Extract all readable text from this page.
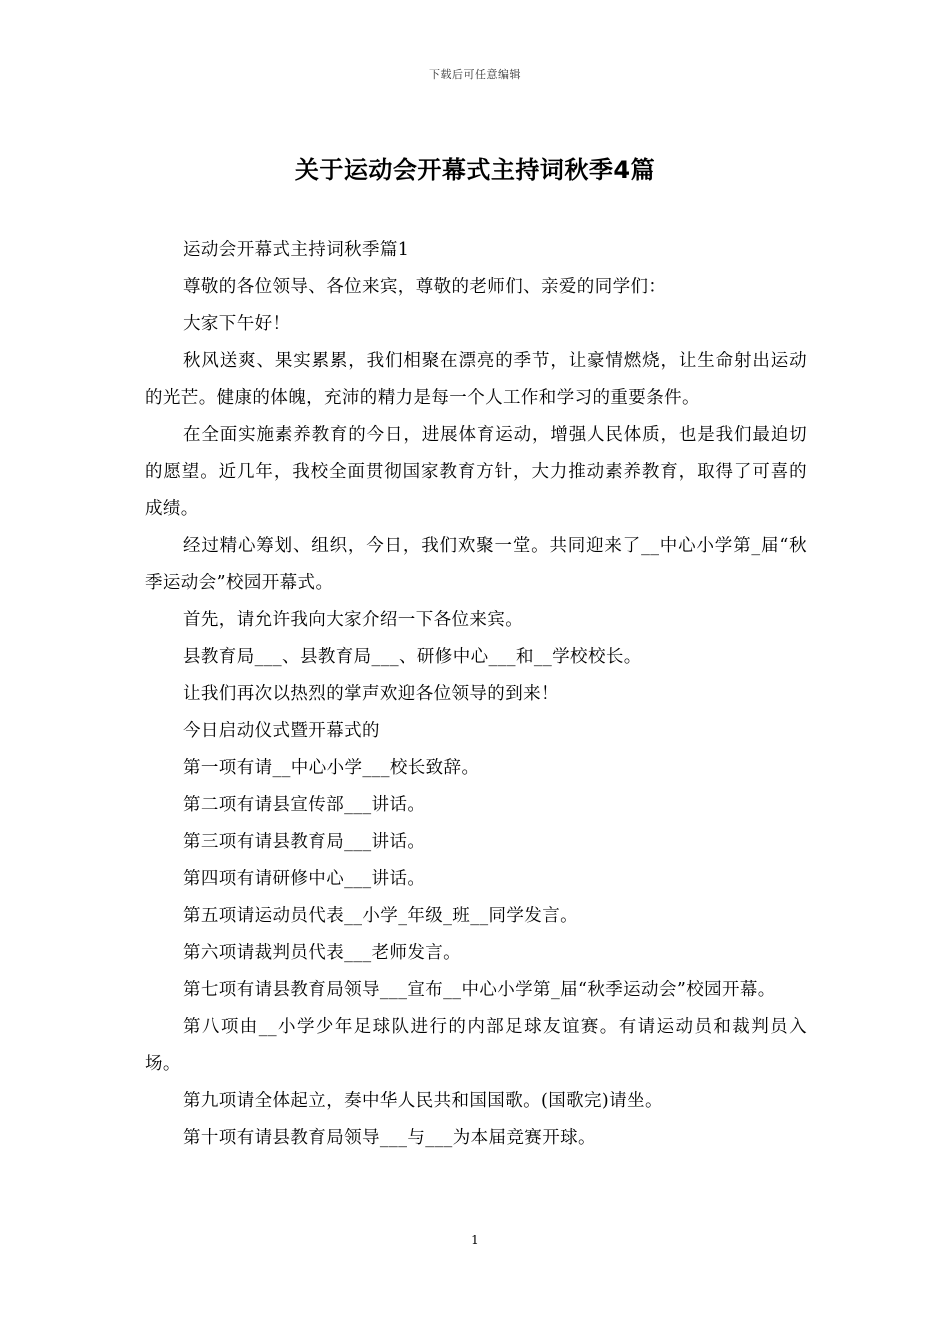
下载后可任意编辑
关于运动会开幕式主持词秋季4篇

运动会开幕式主持词秋季篇1

尊敬的各位领导、各位来宾，尊敬的老师们、亲爱的同学们：

大家下午好！

秋风送爽、果实累累，我们相聚在漂亮的季节，让豪情燃烧，让生命射出运动的光芒。健康的体魄，充沛的精力是每一个人工作和学习的重要条件。

在全面实施素养教育的今日，进展体育运动，增强人民体质，也是我们最迫切的愿望。近几年，我校全面贯彻国家教育方针，大力推动素养教育，取得了可喜的成绩。

经过精心筹划、组织，今日，我们欢聚一堂。共同迎来了__中心小学第_届“秋季运动会”校园开幕式。

首先，请允许我向大家介绍一下各位来宾。

县教育局___、县教育局___、研修中心___和__学校校长。

让我们再次以热烈的掌声欢迎各位领导的到来！

今日启动仪式暨开幕式的

第一项有请__中心小学___校长致辞。

第二项有请县宣传部___讲话。

第三项有请县教育局___讲话。

第四项有请研修中心___讲话。

第五项请运动员代表__小学_年级_班__同学发言。

第六项请裁判员代表___老师发言。

第七项有请县教育局领导___宣布__中心小学第_届“秋季运动会”校园开幕。

第八项由__小学少年足球队进行的内部足球友谊赛。有请运动员和裁判员入场。

第九项请全体起立，奏中华人民共和国国歌。(国歌完)请坐。

第十项有请县教育局领导___与___为本届竞赛开球。

1
